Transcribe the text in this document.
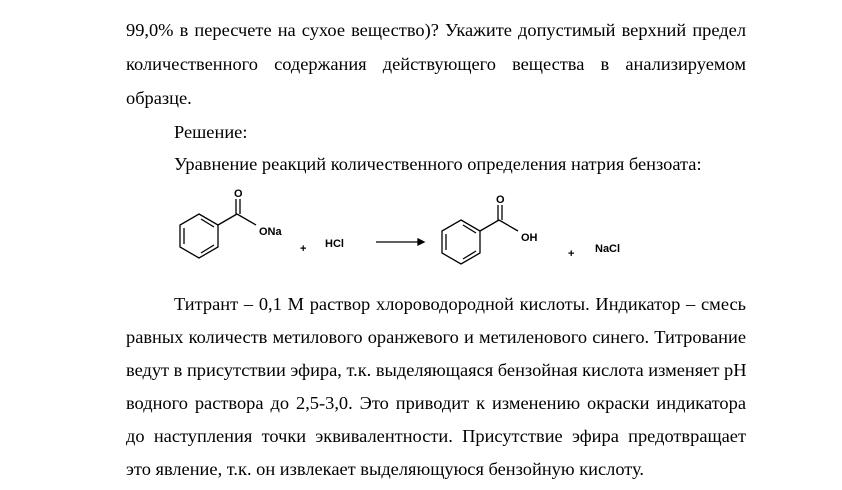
99,0% в пересчете на сухое вещество)? Укажите допустимый верхний предел
количественного содержания действующего вещества в анализируемом
образце.
Решение:
Уравнение реакций количественного определения натрия бензоата:
O
ONa
+ HCl
O
OH
+ NaCl
Титрант – 0,1 М раствор хлороводородной кислоты. Индикатор – смесь
равных количеств метилового оранжевого и метиленового синего. Титрование
ведут в присутствии эфира, т.к. выделяющаяся бензойная кислота изменяет pH
водного раствора до 2,5-3,0. Это приводит к изменению окраски индикатора
до наступления точки эквивалентности. Присутствие эфира предотвращает
это явление, т.к. он извлекает выделяющуюся бензойную кислоту.
